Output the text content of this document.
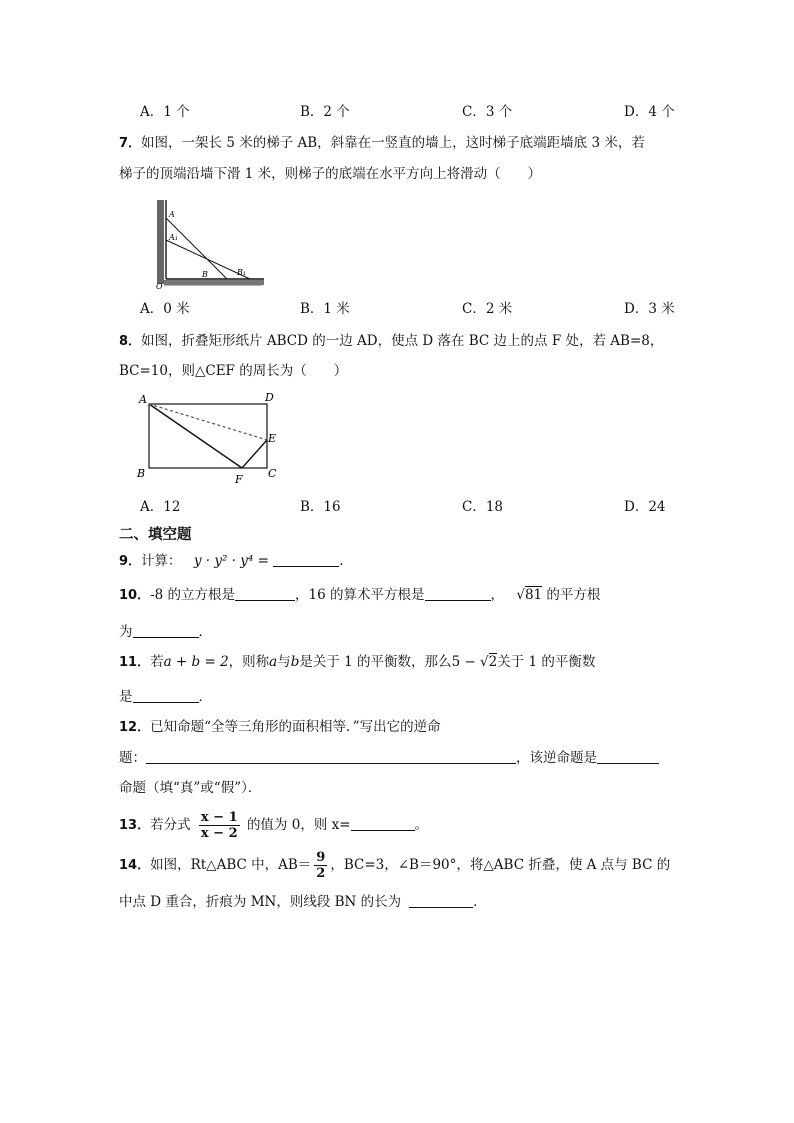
A．1 个	B．2 个	C．3 个	D．4 个
7．如图，一架长 5 米的梯子 AB，斜靠在一竖直的墙上，这时梯子底端距墙底 3 米，若
梯子的顶端沿墙下滑 1 米，则梯子的底端在水平方向上将滑动（　　）
A
A₁
B	B₁
O
A．0 米	B．1 米	C．2 米	D．3 米
8．如图，折叠矩形纸片 ABCD 的一边 AD，使点 D 落在 BC 边上的点 F 处，若 AB=8，
BC=10，则△CEF 的周长为（　　）
A	D
B	C
E
F
A．12	B．16	C．18	D．24
二、填空题
9．计算： y · y² · y⁴ =	.
10．-8 的立方根是	，16 的算术平方根是	， √81 的平方根
为	．
11．若a + b = 2，则称a与b是关于 1 的平衡数，那么5 − √2关于 1 的平衡数
是	．
12．已知命题“全等三角形的面积相等．”写出它的逆命
题：	，该逆命题是
命题（填“真”或“假”）．
13．若分式 $\frac{x - 1}{x - 2}$ 的值为 0，则 x=	。
14．如图，Rt△ABC 中，$AB= \frac{9}{2}$ ，BC=3，∠B＝90°，将△ABC 折叠，使 A 点与 BC 的
中点 D 重合，折痕为 MN，则线段 BN 的长为	．
